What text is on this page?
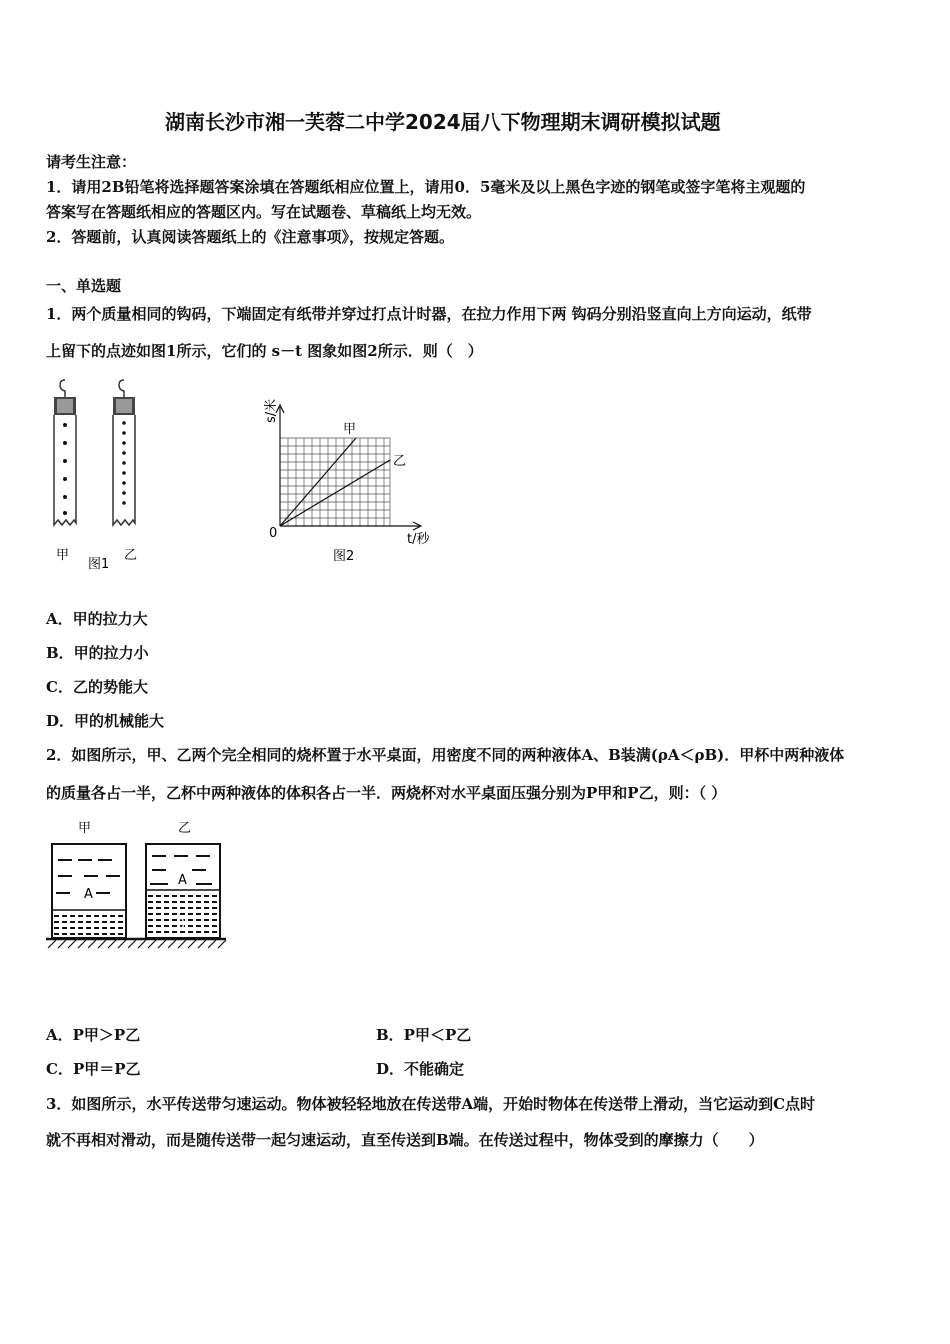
湖南长沙市湘一芙蓉二中学2024届八下物理期末调研模拟试题
请考生注意：
1．请用2B铅笔将选择题答案涂填在答题纸相应位置上，请用0．5毫米及以上黑色字迹的钢笔或签字笔将主观题的
答案写在答题纸相应的答题区内。写在试题卷、草稿纸上均无效。
2．答题前，认真阅读答题纸上的《注意事项》，按规定答题。
一、单选题
1．两个质量相同的钩码，下端固定有纸带并穿过打点计时器，在拉力作用下两 钩码分别沿竖直向上方向运动，纸带
上留下的点迹如图1所示，它们的 s－t 图象如图2所示．则（　）
甲	乙
图1
s/米
t/秒
0
甲
乙
图2
A．甲的拉力大
B．甲的拉力小
C．乙的势能大
D．甲的机械能大
2．如图所示，甲、乙两个完全相同的烧杯置于水平桌面，用密度不同的两种液体A、B装满(ρA＜ρB)．甲杯中两种液体
的质量各占一半，乙杯中两种液体的体积各占一半．两烧杯对水平桌面压强分别为P甲和P乙，则：（ ）
甲	乙
A
A
B
A．P甲＞P乙	B．P甲＜P乙
C．P甲＝P乙	D．不能确定
3．如图所示，水平传送带匀速运动。物体被轻轻地放在传送带A端，开始时物体在传送带上滑动，当它运动到C点时
就不再相对滑动，而是随传送带一起匀速运动，直至传送到B端。在传送过程中，物体受到的摩擦力（　　）
